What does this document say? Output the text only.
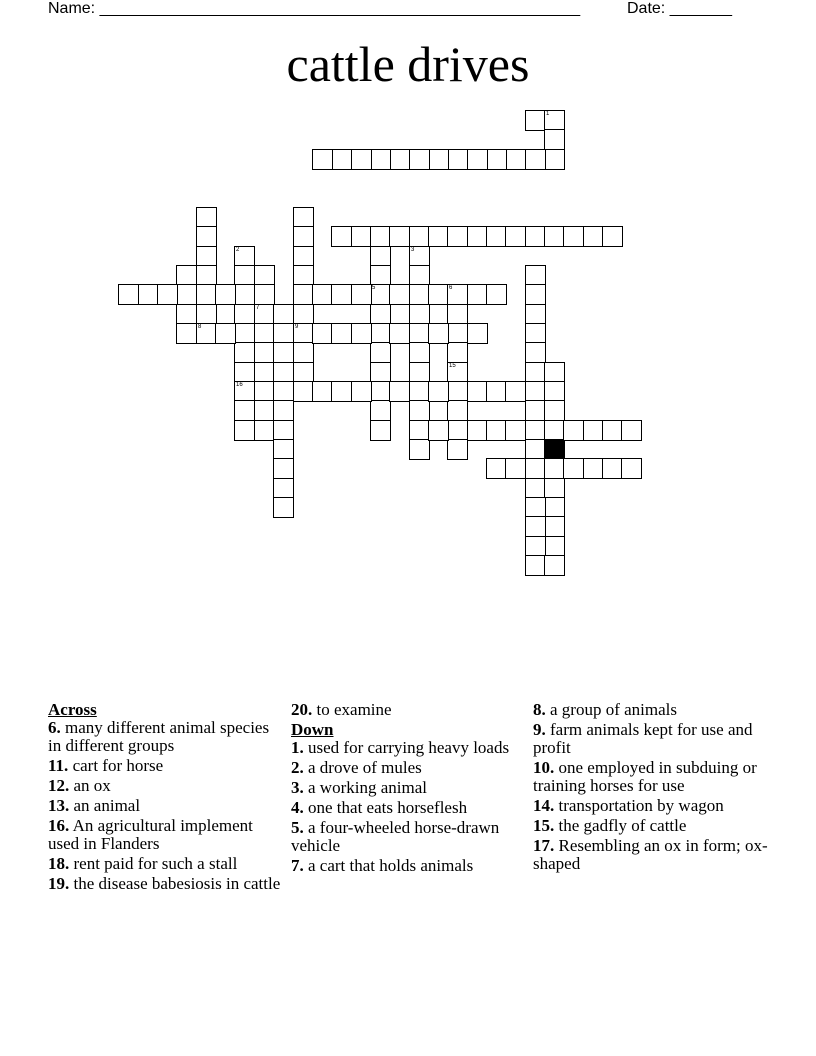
Name: ______________________________________________________	Date: _______
cattle drives
1
8	9
3
2
16
5
7
6
15
Across
6. many different animal species in different groups
11. cart for horse
12. an ox
13. an animal
16. An agricultural implement used in Flanders
18. rent paid for such a stall
19. the disease babesiosis in cattle
20. to examine
Down
1. used for carrying heavy loads
2. a drove of mules
3. a working animal
4. one that eats horseflesh
5. a four-wheeled horse-drawn vehicle
7. a cart that holds animals
8. a group of animals
9. farm animals kept for use and profit
10. one employed in subduing or training horses for use
14. transportation by wagon
15. the gadfly of cattle
17. Resembling an ox in form; ox-shaped
